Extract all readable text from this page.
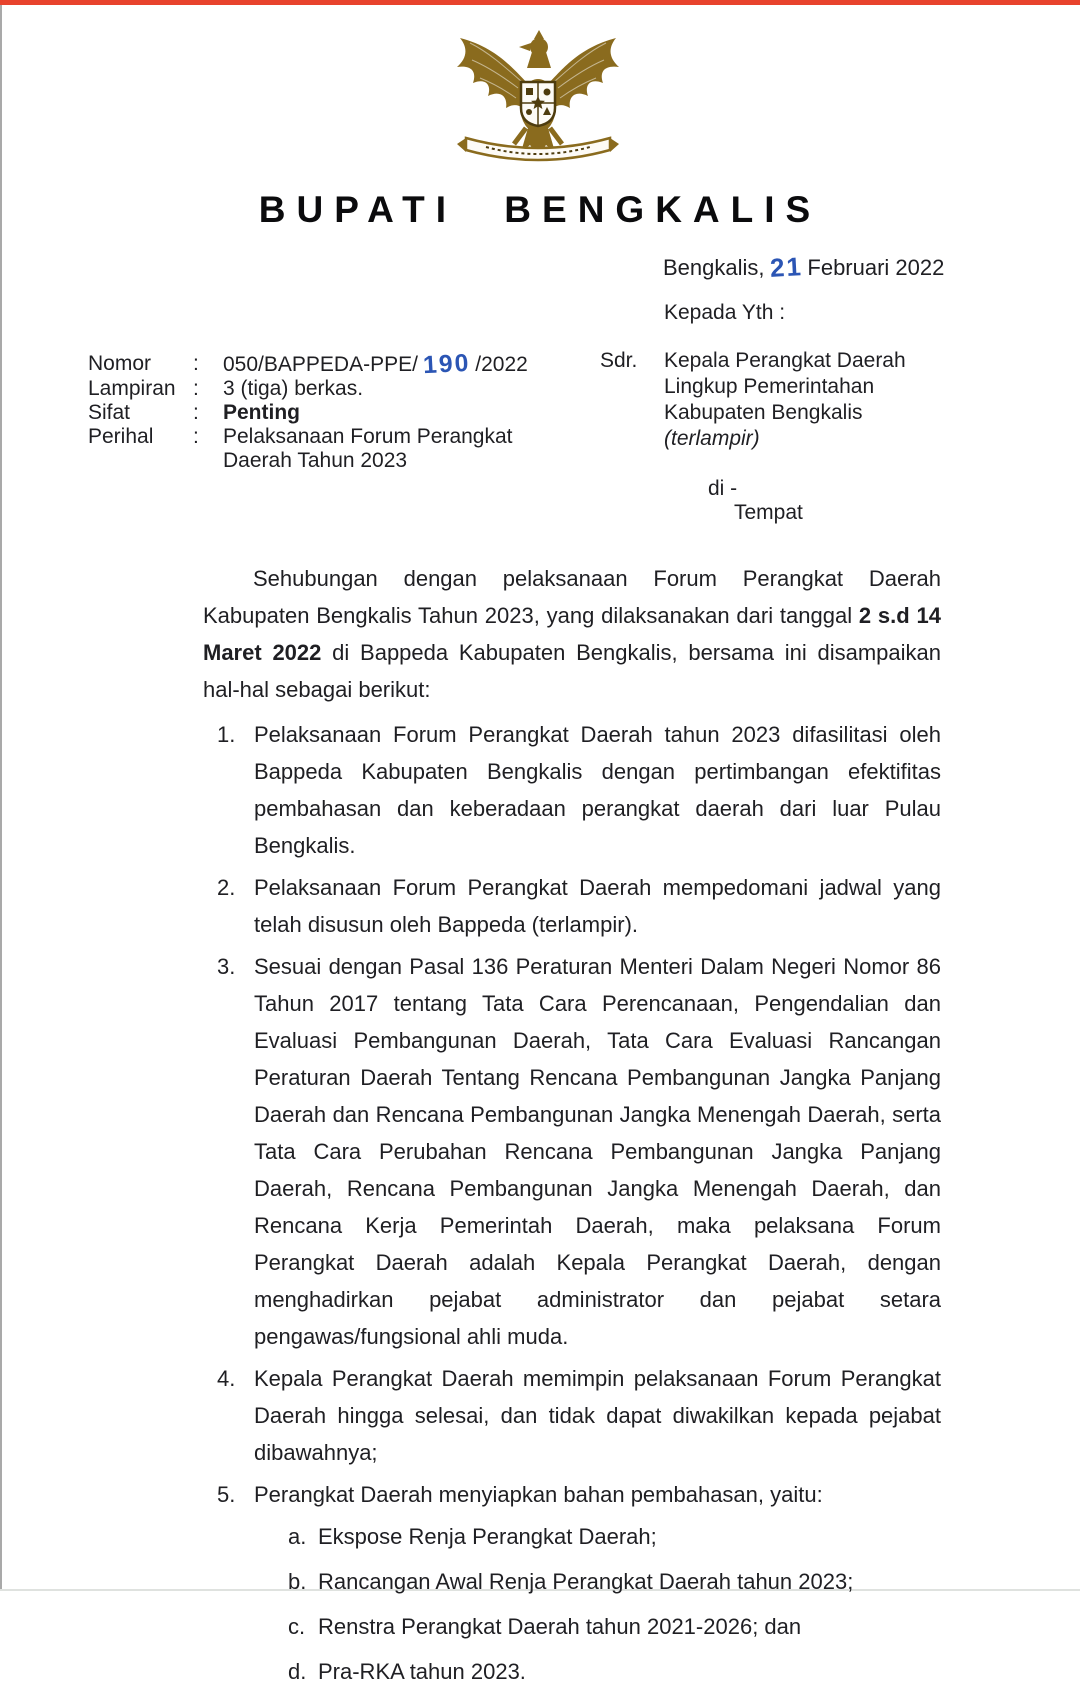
BUPATI BENGKALIS
Bengkalis, 21 Februari 2022
Kepada Yth :
Nomor	:	050/BAPPEDA-PPE/ 190 /2022
Lampiran :	3 (tiga) berkas.
Sifat	:	Penting
Perihal	:	Pelaksanaan Forum Perangkat Daerah Tahun 2023
Sdr.	Kepala Perangkat Daerah
Lingkup Pemerintahan
Kabupaten Bengkalis
(terlampir)
di -
Tempat

Sehubungan dengan pelaksanaan Forum Perangkat Daerah Kabupaten Bengkalis Tahun 2023, yang dilaksanakan dari tanggal 2 s.d 14 Maret 2022 di Bappeda Kabupaten Bengkalis, bersama ini disampaikan hal-hal sebagai berikut:

1. Pelaksanaan Forum Perangkat Daerah tahun 2023 difasilitasi oleh Bappeda Kabupaten Bengkalis dengan pertimbangan efektifitas pembahasan dan keberadaan perangkat daerah dari luar Pulau Bengkalis.
2. Pelaksanaan Forum Perangkat Daerah mempedomani jadwal yang telah disusun oleh Bappeda (terlampir).
3. Sesuai dengan Pasal 136 Peraturan Menteri Dalam Negeri Nomor 86 Tahun 2017 tentang Tata Cara Perencanaan, Pengendalian dan Evaluasi Pembangunan Daerah, Tata Cara Evaluasi Rancangan Peraturan Daerah Tentang Rencana Pembangunan Jangka Panjang Daerah dan Rencana Pembangunan Jangka Menengah Daerah, serta Tata Cara Perubahan Rencana Pembangunan Jangka Panjang Daerah, Rencana Pembangunan Jangka Menengah Daerah, dan Rencana Kerja Pemerintah Daerah, maka pelaksana Forum Perangkat Daerah adalah Kepala Perangkat Daerah, dengan menghadirkan pejabat administrator dan pejabat setara pengawas/fungsional ahli muda.
4. Kepala Perangkat Daerah memimpin pelaksanaan Forum Perangkat Daerah hingga selesai, dan tidak dapat diwakilkan kepada pejabat dibawahnya;
5. Perangkat Daerah menyiapkan bahan pembahasan, yaitu:
a. Ekspose Renja Perangkat Daerah;
b. Rancangan Awal Renja Perangkat Daerah tahun 2023;
c. Renstra Perangkat Daerah tahun 2021-2026; dan
d. Pra-RKA tahun 2023.
